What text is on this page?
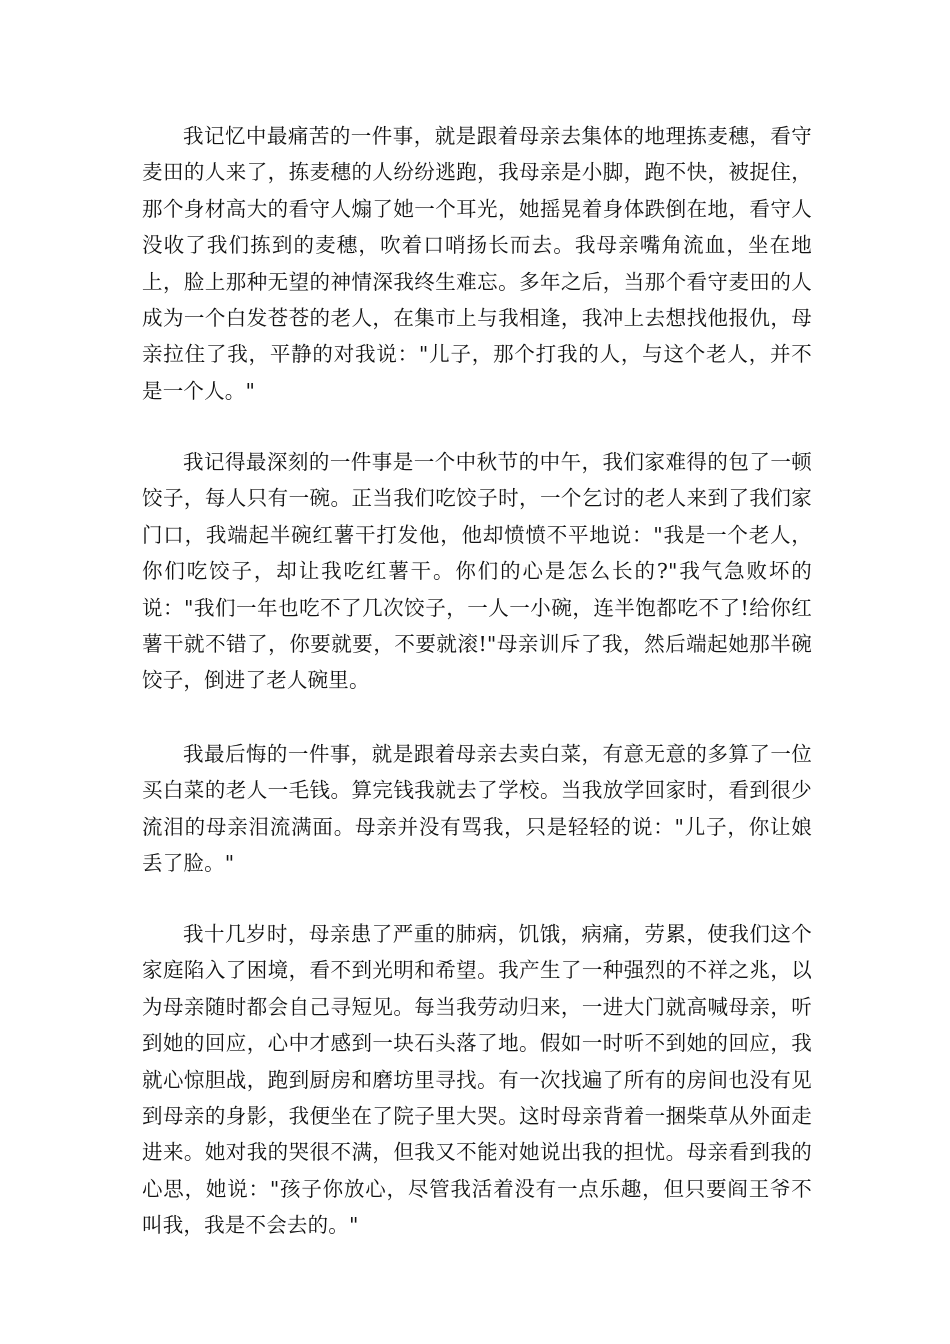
我记忆中最痛苦的一件事，就是跟着母亲去集体的地理拣麦穗，看守麦田的人来了，拣麦穗的人纷纷逃跑，我母亲是小脚，跑不快，被捉住，那个身材高大的看守人煽了她一个耳光，她摇晃着身体跌倒在地，看守人没收了我们拣到的麦穗，吹着口哨扬长而去。我母亲嘴角流血，坐在地上，脸上那种无望的神情深我终生难忘。多年之后，当那个看守麦田的人成为一个白发苍苍的老人，在集市上与我相逢，我冲上去想找他报仇，母亲拉住了我，平静的对我说："儿子，那个打我的人，与这个老人，并不是一个人。"

我记得最深刻的一件事是一个中秋节的中午，我们家难得的包了一顿饺子，每人只有一碗。正当我们吃饺子时，一个乞讨的老人来到了我们家门口，我端起半碗红薯干打发他，他却愤愤不平地说："我是一个老人，你们吃饺子，却让我吃红薯干。你们的心是怎么长的?"我气急败坏的说："我们一年也吃不了几次饺子，一人一小碗，连半饱都吃不了!给你红薯干就不错了，你要就要，不要就滚!"母亲训斥了我，然后端起她那半碗饺子，倒进了老人碗里。

我最后悔的一件事，就是跟着母亲去卖白菜，有意无意的多算了一位买白菜的老人一毛钱。算完钱我就去了学校。当我放学回家时，看到很少流泪的母亲泪流满面。母亲并没有骂我，只是轻轻的说："儿子，你让娘丢了脸。"

我十几岁时，母亲患了严重的肺病，饥饿，病痛，劳累，使我们这个家庭陷入了困境，看不到光明和希望。我产生了一种强烈的不祥之兆，以为母亲随时都会自己寻短见。每当我劳动归来，一进大门就高喊母亲，听到她的回应，心中才感到一块石头落了地。假如一时听不到她的回应，我就心惊胆战，跑到厨房和磨坊里寻找。有一次找遍了所有的房间也没有见到母亲的身影，我便坐在了院子里大哭。这时母亲背着一捆柴草从外面走进来。她对我的哭很不满，但我又不能对她说出我的担忧。母亲看到我的心思，她说："孩子你放心，尽管我活着没有一点乐趣，但只要阎王爷不叫我，我是不会去的。"
